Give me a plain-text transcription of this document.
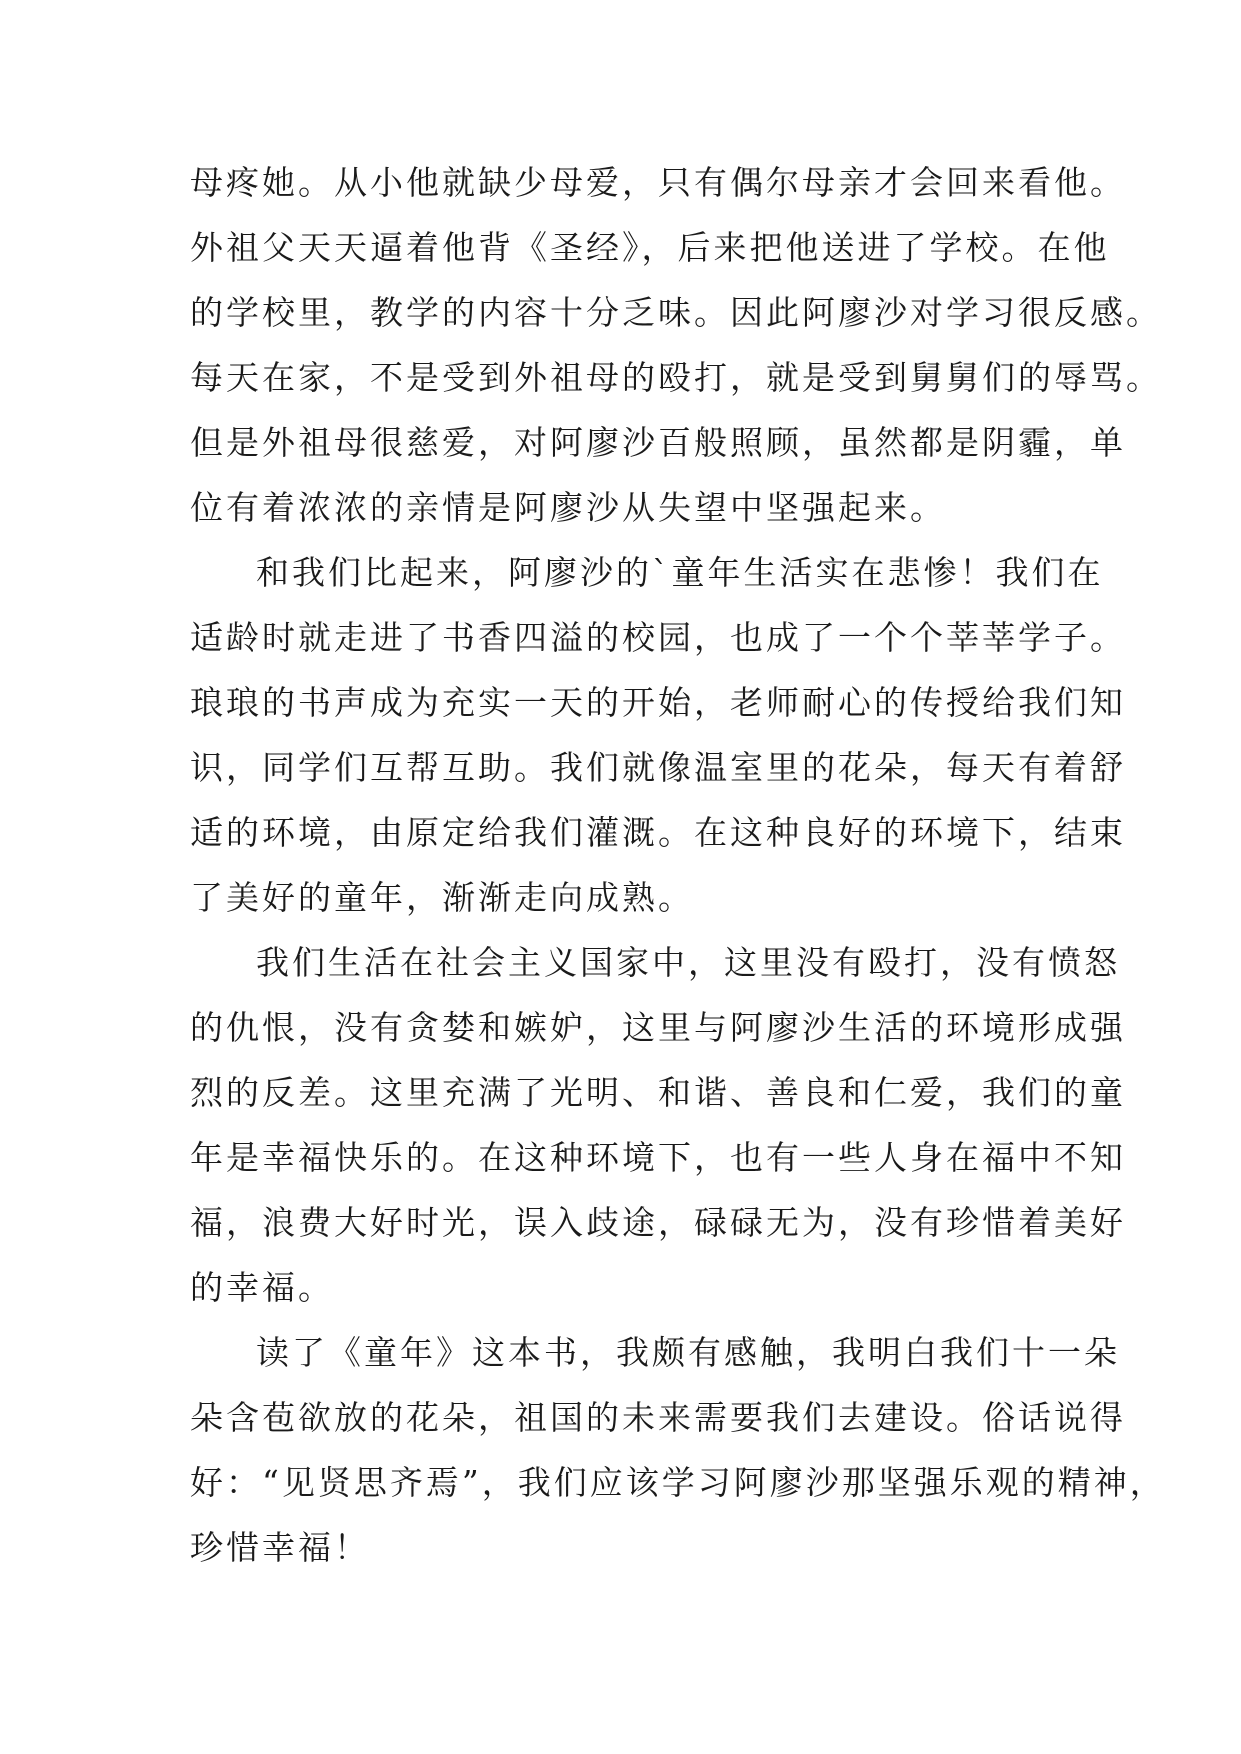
母疼她。从小他就缺少母爱，只有偶尔母亲才会回来看他。
外祖父天天逼着他背《圣经》，后来把他送进了学校。在他
的学校里，教学的内容十分乏味。因此阿廖沙对学习很反感。
每天在家，不是受到外祖母的殴打，就是受到舅舅们的辱骂。
但是外祖母很慈爱，对阿廖沙百般照顾，虽然都是阴霾，单
位有着浓浓的亲情是阿廖沙从失望中坚强起来。
和我们比起来，阿廖沙的`童年生活实在悲惨！我们在
适龄时就走进了书香四溢的校园，也成了一个个莘莘学子。
琅琅的书声成为充实一天的开始，老师耐心的传授给我们知
识，同学们互帮互助。我们就像温室里的花朵，每天有着舒
适的环境，由原定给我们灌溉。在这种良好的环境下，结束
了美好的童年，渐渐走向成熟。
我们生活在社会主义国家中，这里没有殴打，没有愤怒
的仇恨，没有贪婪和嫉妒，这里与阿廖沙生活的环境形成强
烈的反差。这里充满了光明、和谐、善良和仁爱，我们的童
年是幸福快乐的。在这种环境下，也有一些人身在福中不知
福，浪费大好时光，误入歧途，碌碌无为，没有珍惜着美好
的幸福。
读了《童年》这本书，我颇有感触，我明白我们十一朵
朵含苞欲放的花朵，祖国的未来需要我们去建设。俗话说得
好：“见贤思齐焉”，我们应该学习阿廖沙那坚强乐观的精神，
珍惜幸福！
